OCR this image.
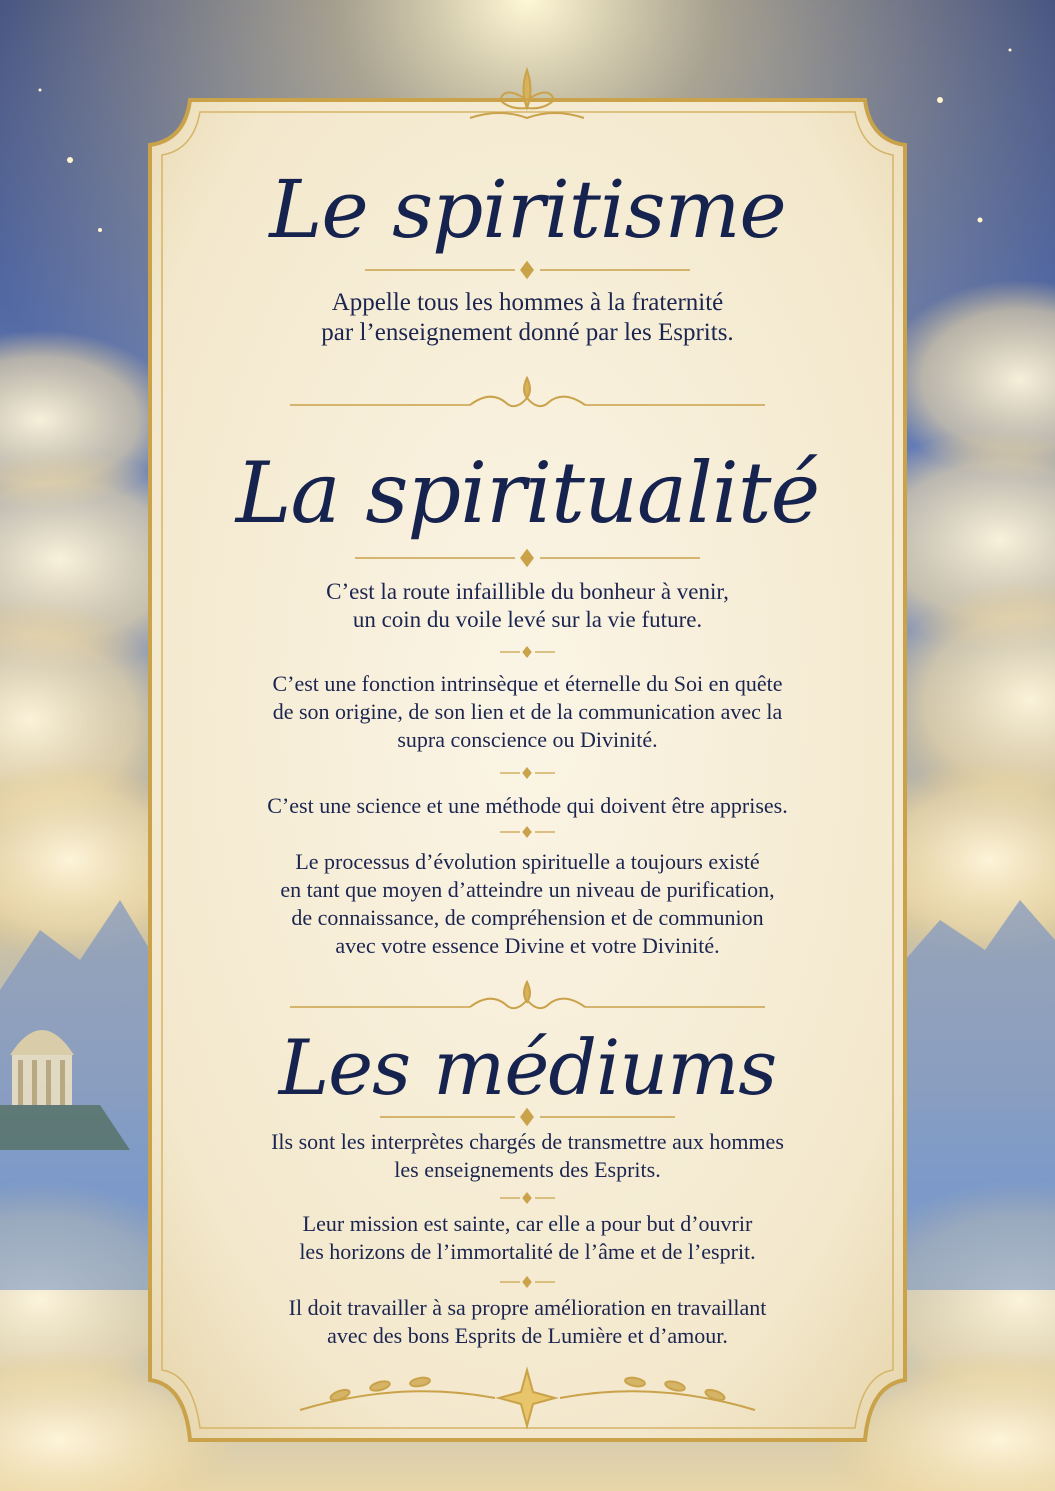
Le spiritisme
Appelle tous les hommes à la fraternité
par l’enseignement donné par les Esprits.
La spiritualité
C’est la route infaillible du bonheur à venir,
un coin du voile levé sur la vie future.
C’est une fonction intrinsèque et éternelle du Soi en quête
de son origine, de son lien et de la communication avec la
supra conscience ou Divinité.
C’est une science et une méthode qui doivent être apprises.
Le processus d’évolution spirituelle a toujours existé
en tant que moyen d’atteindre un niveau de purification,
de connaissance, de compréhension et de communion
avec votre essence Divine et votre Divinité.
Les médiums
Ils sont les interprètes chargés de transmettre aux hommes
les enseignements des Esprits.
Leur mission est sainte, car elle a pour but d’ouvrir
les horizons de l’immortalité de l’âme et de l’esprit.
Il doit travailler à sa propre amélioration en travaillant
avec des bons Esprits de Lumière et d’amour.
